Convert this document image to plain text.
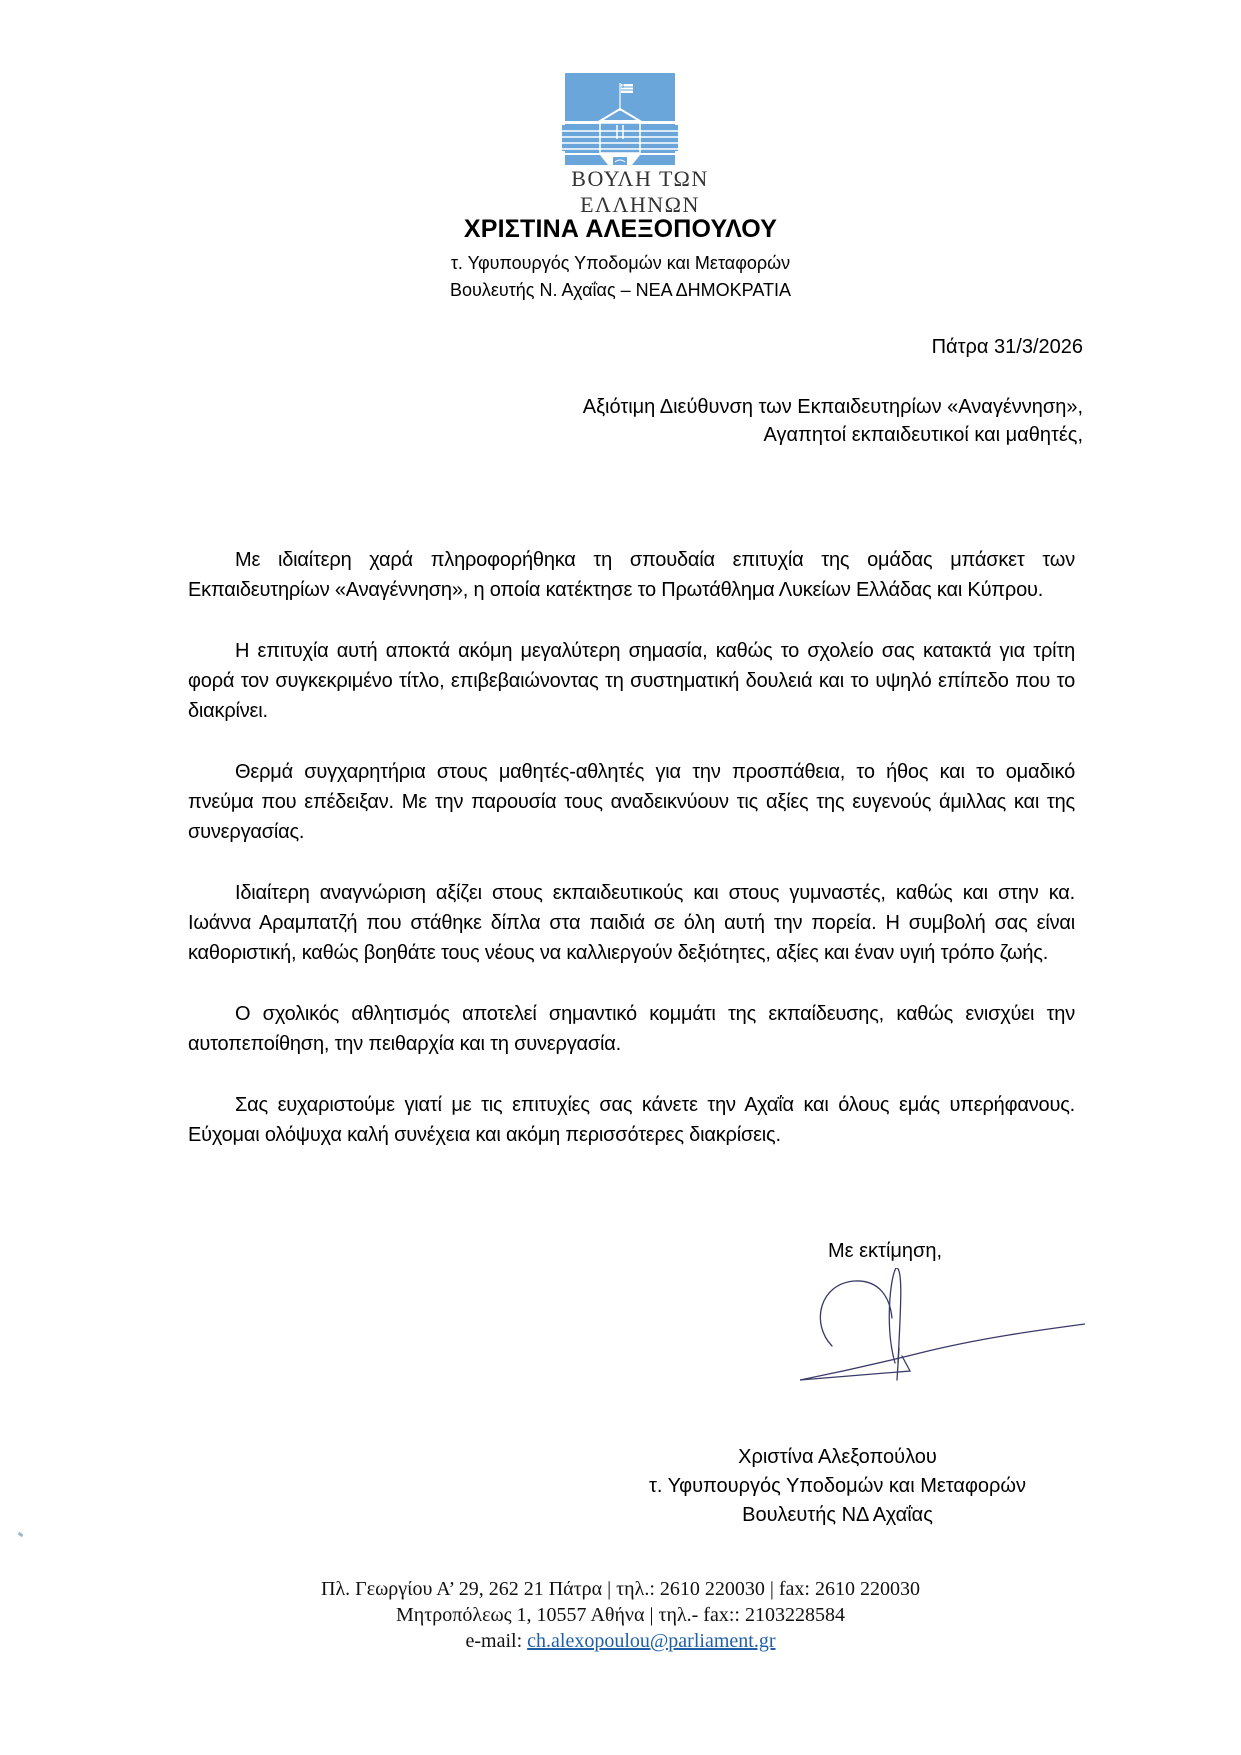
ΒΟΥΛΗ ΤΩΝ ΕΛΛΗΝΩΝ
ΧΡΙΣΤΙΝΑ ΑΛΕΞΟΠΟΥΛΟΥ
τ. Υφυπουργός Υποδομών και Μεταφορών
Βουλευτής Ν. Αχαΐας – ΝΕΑ ΔΗΜΟΚΡΑΤΙΑ
Πάτρα 31/3/2026
Αξιότιμη Διεύθυνση των Εκπαιδευτηρίων «Αναγέννηση»,
Αγαπητοί εκπαιδευτικοί και μαθητές,

Με ιδιαίτερη χαρά πληροφορήθηκα τη σπουδαία επιτυχία της ομάδας μπάσκετ των Εκπαιδευτηρίων «Αναγέννηση», η οποία κατέκτησε το Πρωτάθλημα Λυκείων Ελλάδας και Κύπρου.

Η επιτυχία αυτή αποκτά ακόμη μεγαλύτερη σημασία, καθώς το σχολείο σας κατακτά για τρίτη φορά τον συγκεκριμένο τίτλο, επιβεβαιώνοντας τη συστηματική δουλειά και το υψηλό επίπεδο που το διακρίνει.

Θερμά συγχαρητήρια στους μαθητές-αθλητές για την προσπάθεια, το ήθος και το ομαδικό πνεύμα που επέδειξαν. Με την παρουσία τους αναδεικνύουν τις αξίες της ευγενούς άμιλλας και της συνεργασίας.

Ιδιαίτερη αναγνώριση αξίζει στους εκπαιδευτικούς και στους γυμναστές, καθώς και στην κα. Ιωάννα Αραμπατζή που στάθηκε δίπλα στα παιδιά σε όλη αυτή την πορεία. Η συμβολή σας είναι καθοριστική, καθώς βοηθάτε τους νέους να καλλιεργούν δεξιότητες, αξίες και έναν υγιή τρόπο ζωής.

Ο σχολικός αθλητισμός αποτελεί σημαντικό κομμάτι της εκπαίδευσης, καθώς ενισχύει την αυτοπεποίθηση, την πειθαρχία και τη συνεργασία.

Σας ευχαριστούμε γιατί με τις επιτυχίες σας κάνετε την Αχαΐα και όλους εμάς υπερήφανους. Εύχομαι ολόψυχα καλή συνέχεια και ακόμη περισσότερες διακρίσεις.

Με εκτίμηση,
Χριστίνα Αλεξοπούλου
τ. Υφυπουργός Υποδομών και Μεταφορών
Βουλευτής ΝΔ Αχαΐας
Πλ. Γεωργίου Α’ 29, 262 21 Πάτρα | τηλ.: 2610 220030 | fax: 2610 220030
Μητροπόλεως 1, 10557 Αθήνα | τηλ.- fax:: 2103228584
e-mail: ch.alexopoulou@parliament.gr
